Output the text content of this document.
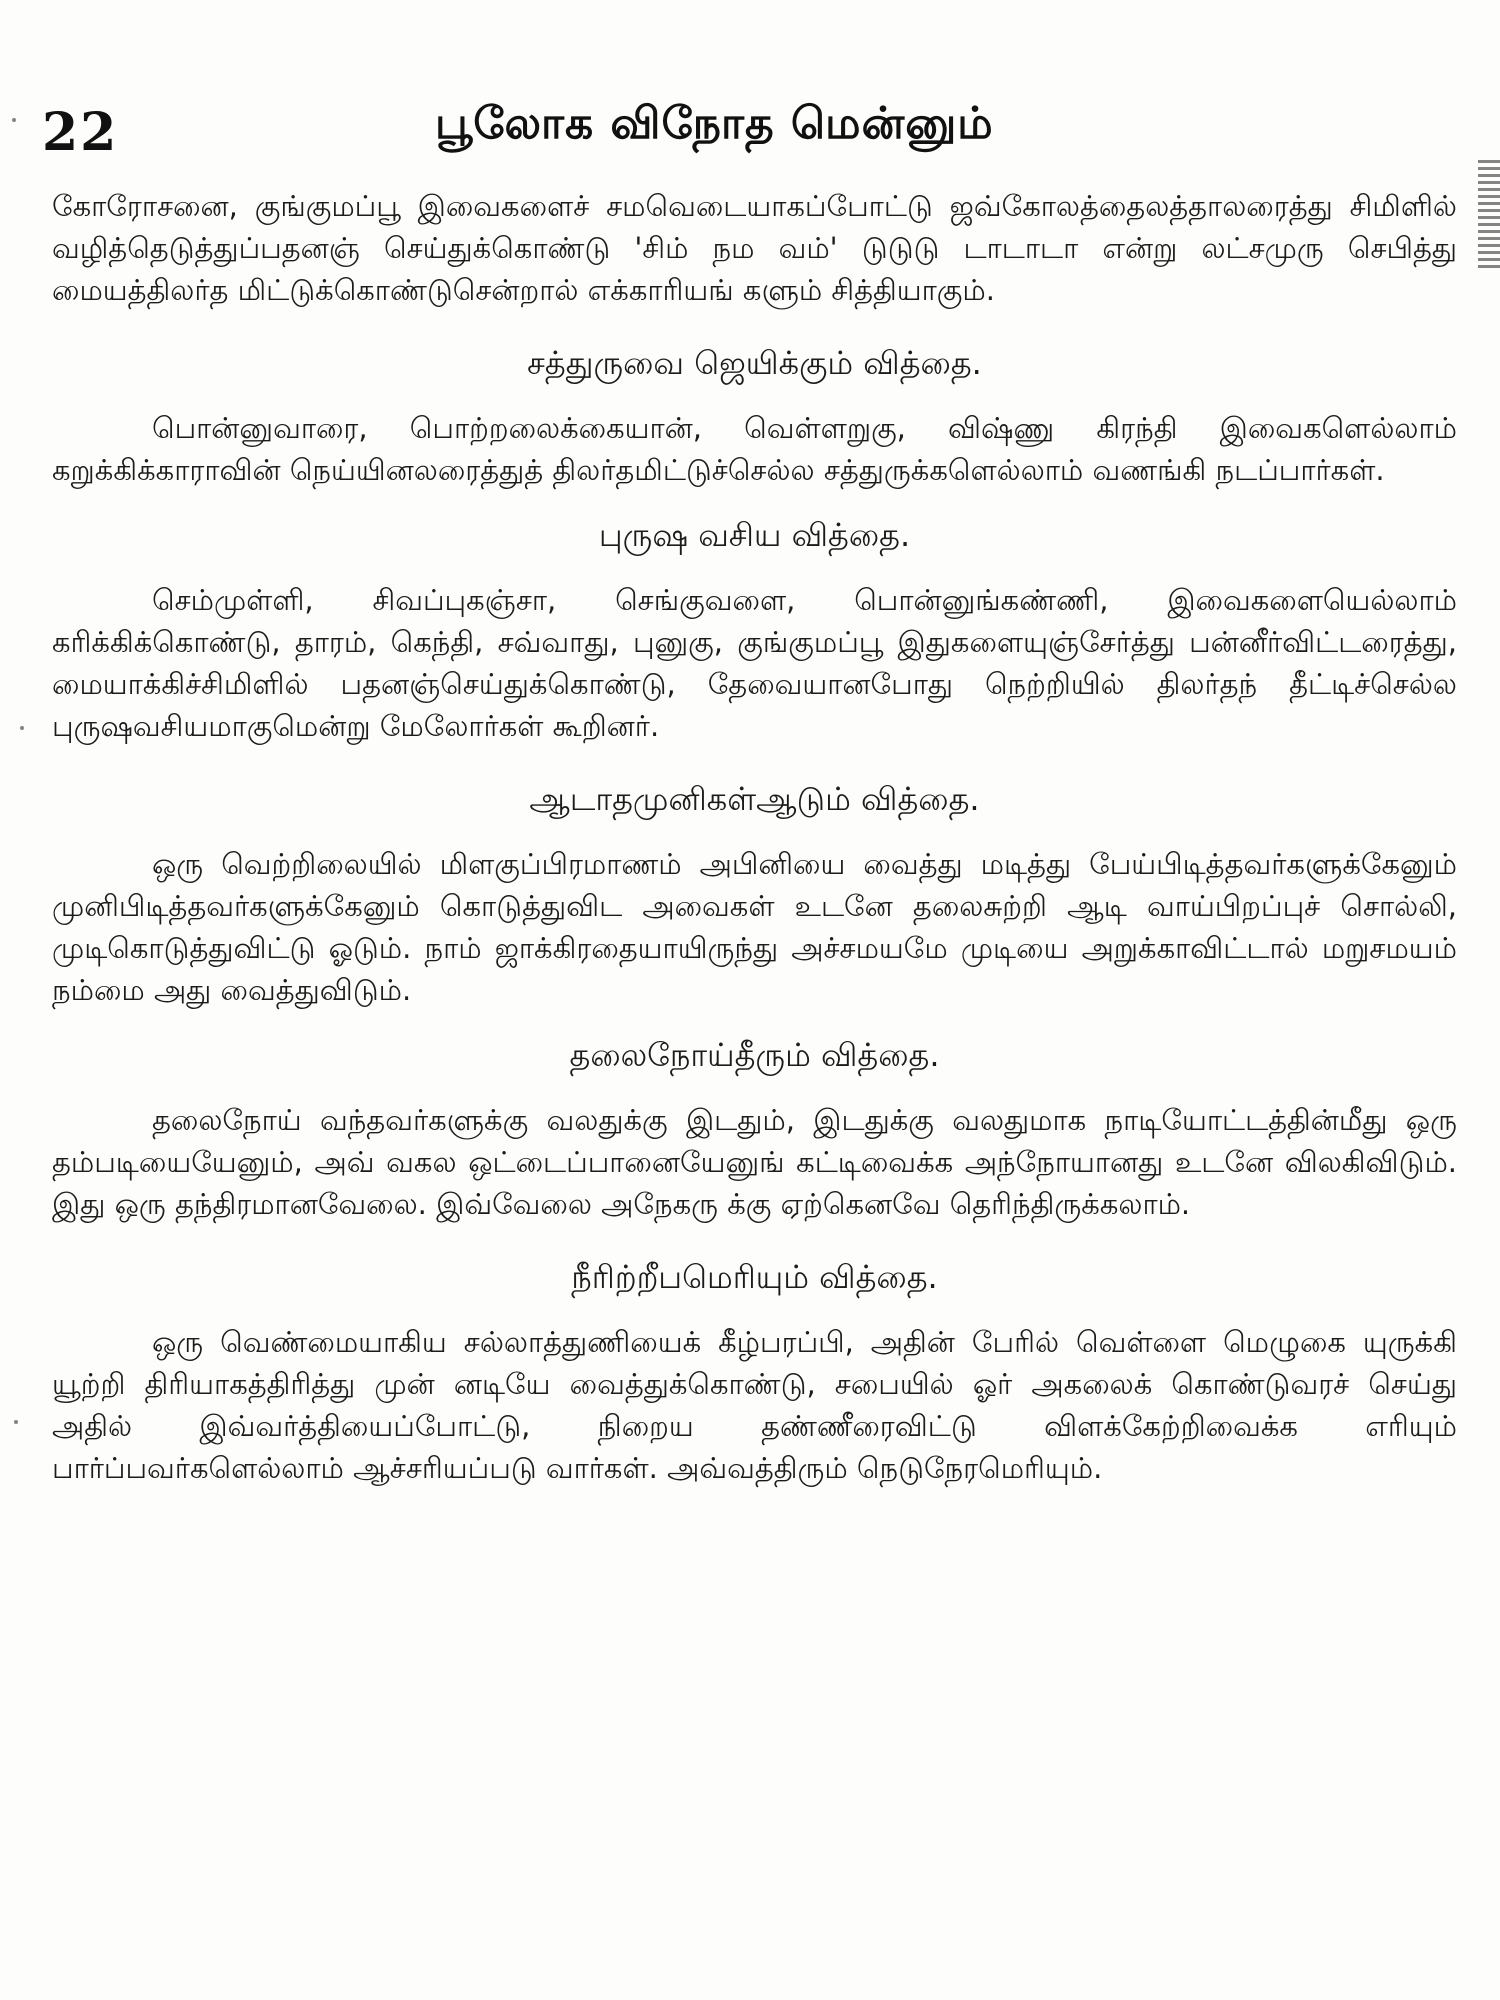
22	பூலோக விநோத மென்னும்

கோரோசனை, குங்குமப்பூ இவைகளைச் சமவெடையாகப்போட்டு ஜவ்கோலத்தைலத்தாலரைத்து சிமிளில் வழித்தெடுத்துப்பதனஞ் செய்துக்கொண்டு 'சிம் நம வம்' டுடுடு டாடாடா என்று லட்சமுரு செபித்து மையத்திலர்த மிட்டுக்கொண்டுசென்றால் எக்காரியங் களும் சித்தியாகும்.

சத்துருவை ஜெயிக்கும் வித்தை.

பொன்னுவாரை, பொற்றலைக்கையான், வெள்ளறுகு, விஷ்ணு கிரந்தி இவைகளெல்லாம் கறுக்கிக்காராவின் நெய்யினலரைத்துத் திலர்தமிட்டுச்செல்ல சத்துருக்களெல்லாம் வணங்கி நடப்பார்கள்.

புருஷ வசிய வித்தை.

செம்முள்ளி, சிவப்புகஞ்சா, செங்குவளை, பொன்னுங்கண்ணி, இவைகளையெல்லாம் கரிக்கிக்கொண்டு, தாரம், கெந்தி, சவ்வாது, புனுகு, குங்குமப்பூ இதுகளையுஞ்சேர்த்து பன்னீர்விட்டரைத்து, மையாக்கிச்சிமிளில் பதனஞ்செய்துக்கொண்டு, தேவையானபோது நெற்றியில் திலர்தந் தீட்டிச்செல்ல புருஷவசியமாகுமென்று மேலோர்கள் கூறினர்.

ஆடாதமுனிகள்ஆடும் வித்தை.

ஒரு வெற்றிலையில் மிளகுப்பிரமாணம் அபினியை வைத்து மடித்து பேய்பிடித்தவர்களுக்கேனும் முனிபிடித்தவர்களுக்கேனும் கொடுத்துவிட அவைகள் உடனே தலைசுற்றி ஆடி வாய்பிறப்புச் சொல்லி, முடிகொடுத்துவிட்டு ஓடும். நாம் ஜாக்கிரதையாயிருந்து அச்சமயமே முடியை அறுக்காவிட்டால் மறுசமயம் நம்மை அது வைத்துவிடும்.

தலைநோய்தீரும் வித்தை.

தலைநோய் வந்தவர்களுக்கு வலதுக்கு இடதும், இடதுக்கு வலதுமாக நாடியோட்டத்தின்மீது ஒரு தம்படியையேனும், அவ் வகல ஒட்டைப்பானையேனுங் கட்டிவைக்க அந்நோயானது உடனே விலகிவிடும். இது ஒரு தந்திரமானவேலை. இவ்வேலை அநேகரு க்கு ஏற்கெனவே தெரிந்திருக்கலாம்.

நீரிற்றீபமெரியும் வித்தை.

ஒரு வெண்மையாகிய சல்லாத்துணியைக் கீழ்பரப்பி, அதின் பேரில் வெள்ளை மெழுகை யுருக்கி யூற்றி திரியாகத்திரித்து முன் னடியே வைத்துக்கொண்டு, சபையில் ஓர் அகலைக் கொண்டுவரச் செய்து அதில் இவ்வர்த்தியைப்போட்டு, நிறைய தண்ணீரைவிட்டு விளக்கேற்றிவைக்க எரியும் பார்ப்பவர்களெல்லாம் ஆச்சரியப்படு வார்கள். அவ்வத்திரும் நெடுநேரமெரியும்.
